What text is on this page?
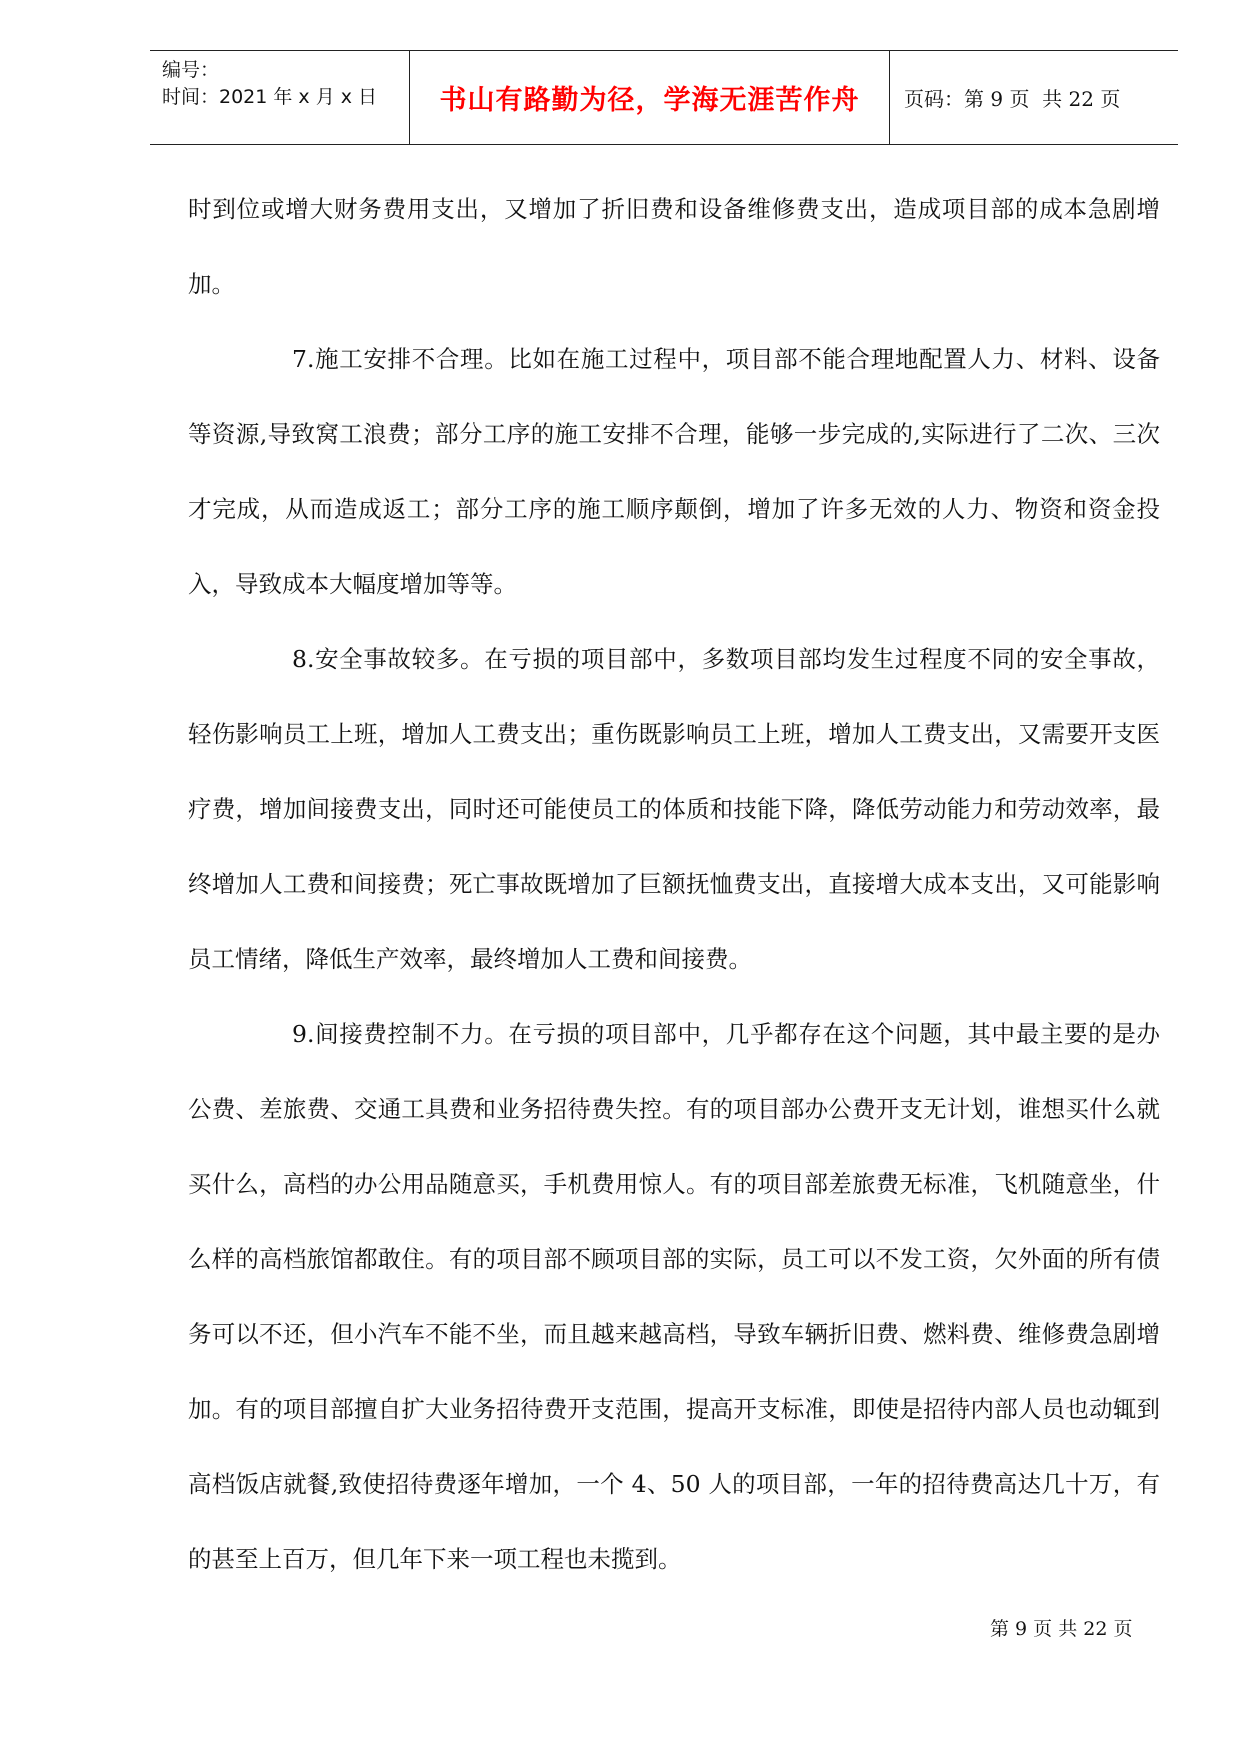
编号：
时间：2021 年 x 月 x 日	书山有路勤为径，学海无涯苦作舟 页码：第 9 页  共 22 页

时到位或增大财务费用支出，又增加了折旧费和设备维修费支出，造成项目部的成本急剧增加。

7.施工安排不合理。比如在施工过程中，项目部不能合理地配置人力、材料、设备等资源,导致窝工浪费；部分工序的施工安排不合理，能够一步完成的,实际进行了二次、三次才完成，从而造成返工；部分工序的施工顺序颠倒，增加了许多无效的人力、物资和资金投入，导致成本大幅度增加等等。

8.安全事故较多。在亏损的项目部中，多数项目部均发生过程度不同的安全事故，轻伤影响员工上班，增加人工费支出；重伤既影响员工上班，增加人工费支出，又需要开支医疗费，增加间接费支出，同时还可能使员工的体质和技能下降，降低劳动能力和劳动效率，最终增加人工费和间接费；死亡事故既增加了巨额抚恤费支出，直接增大成本支出，又可能影响员工情绪，降低生产效率，最终增加人工费和间接费。

9.间接费控制不力。在亏损的项目部中，几乎都存在这个问题，其中最主要的是办公费、差旅费、交通工具费和业务招待费失控。有的项目部办公费开支无计划，谁想买什么就买什么，高档的办公用品随意买，手机费用惊人。有的项目部差旅费无标准，飞机随意坐，什么样的高档旅馆都敢住。有的项目部不顾项目部的实际，员工可以不发工资，欠外面的所有债务可以不还，但小汽车不能不坐，而且越来越高档，导致车辆折旧费、燃料费、维修费急剧增加。有的项目部擅自扩大业务招待费开支范围，提高开支标准，即使是招待内部人员也动辄到高档饭店就餐,致使招待费逐年增加，一个 4、50 人的项目部，一年的招待费高达几十万，有的甚至上百万，但几年下来一项工程也未揽到。

第 9 页 共 22 页
